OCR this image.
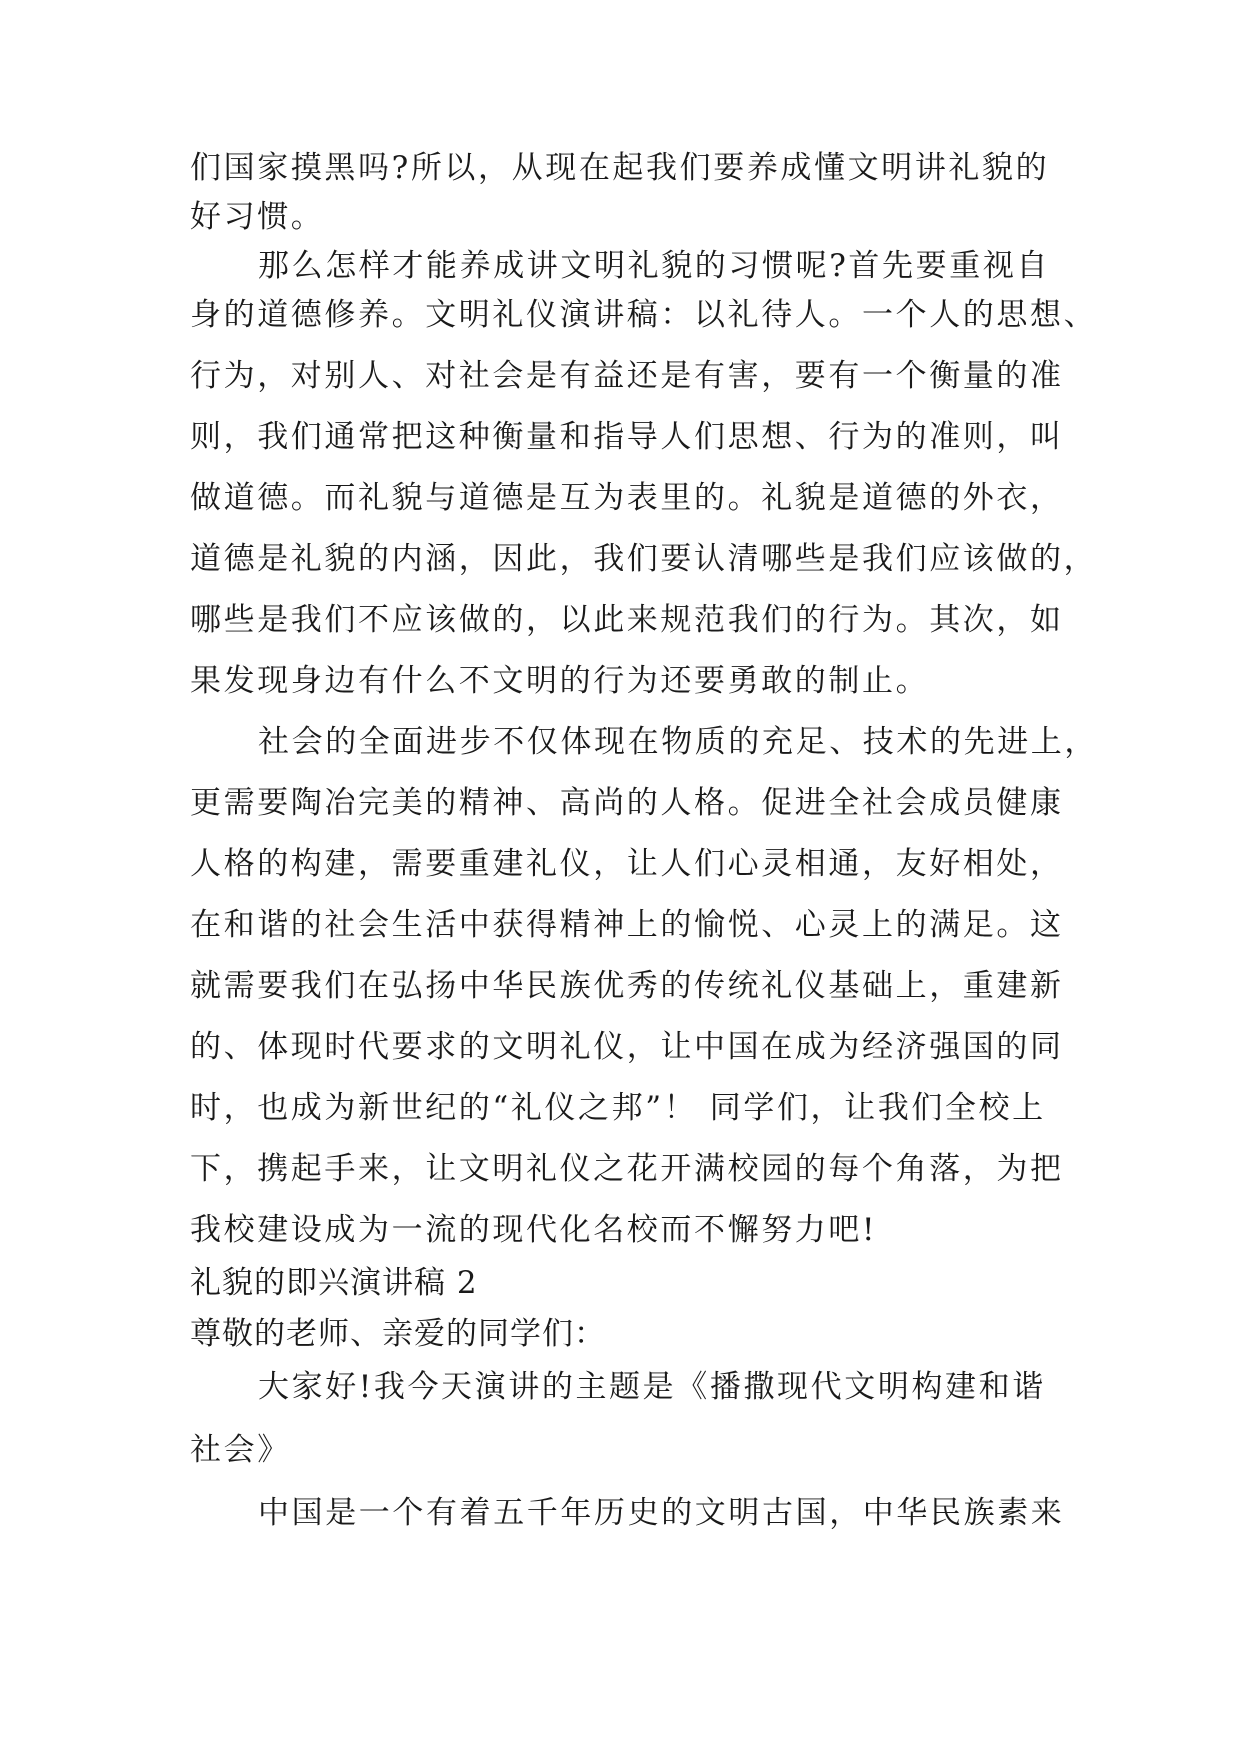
们国家摸黑吗?所以，从现在起我们要养成懂文明讲礼貌的
好习惯。
那么怎样才能养成讲文明礼貌的习惯呢?首先要重视自
身的道德修养。文明礼仪演讲稿：以礼待人。一个人的思想、
行为，对别人、对社会是有益还是有害，要有一个衡量的准
则，我们通常把这种衡量和指导人们思想、行为的准则，叫
做道德。而礼貌与道德是互为表里的。礼貌是道德的外衣，
道德是礼貌的内涵，因此，我们要认清哪些是我们应该做的，
哪些是我们不应该做的，以此来规范我们的行为。其次，如
果发现身边有什么不文明的行为还要勇敢的制止。
社会的全面进步不仅体现在物质的充足、技术的先进上，
更需要陶冶完美的精神、高尚的人格。促进全社会成员健康
人格的构建，需要重建礼仪，让人们心灵相通，友好相处，
在和谐的社会生活中获得精神上的愉悦、心灵上的满足。这
就需要我们在弘扬中华民族优秀的传统礼仪基础上，重建新
的、体现时代要求的文明礼仪，让中国在成为经济强国的同
时，也成为新世纪的“礼仪之邦”！ 同学们，让我们全校上
下，携起手来，让文明礼仪之花开满校园的每个角落，为把
我校建设成为一流的现代化名校而不懈努力吧!
礼貌的即兴演讲稿 2
尊敬的老师、亲爱的同学们：
大家好!我今天演讲的主题是《播撒现代文明构建和谐
社会》
中国是一个有着五千年历史的文明古国，中华民族素来
